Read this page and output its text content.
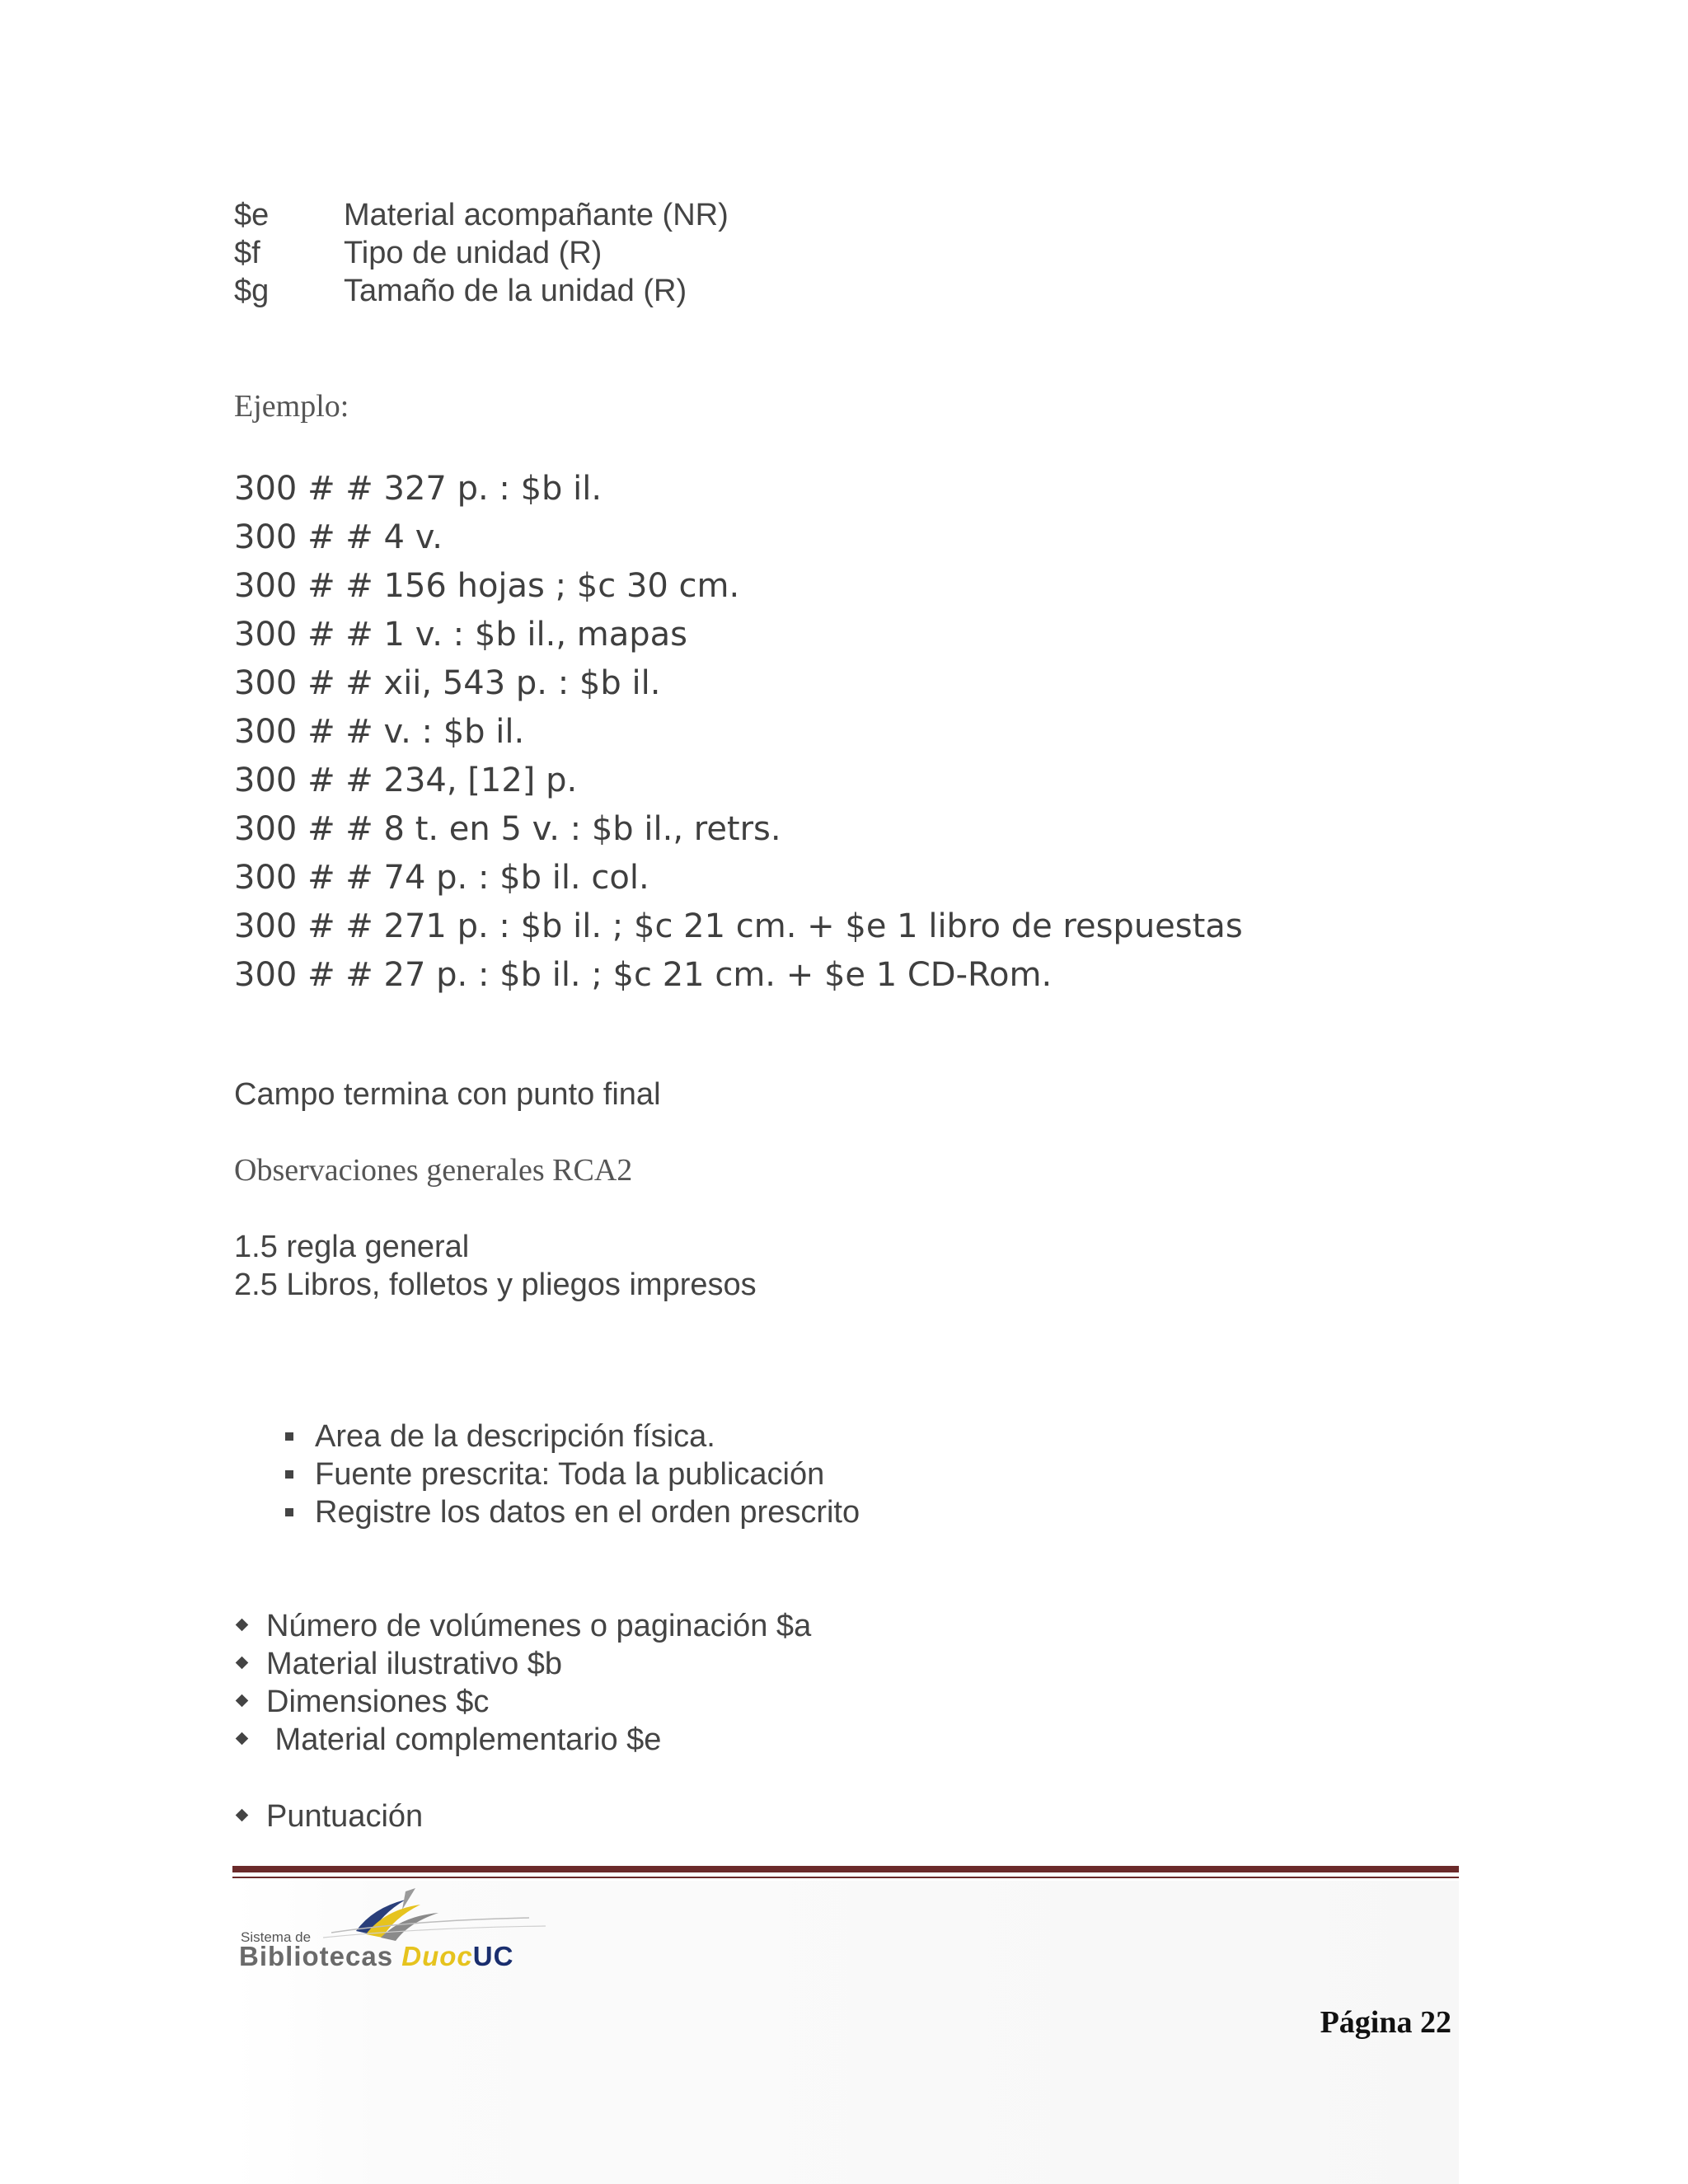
$e Material acompañante (NR)
$f	Tipo de unidad (R)
$g Tamaño de la unidad (R)
Ejemplo:
300 # # 327 p. : $b il.
300 # # 4 v.
300 # # 156 hojas ; $c 30 cm.
300 # # 1 v. : $b il., mapas
300 # # xii, 543 p. : $b il.
300 # # v. : $b il.
300 # # 234, [12] p.
300 # # 8 t. en 5 v. : $b il., retrs.
300 # # 74 p. : $b il. col.
300 # # 271 p. : $b il. ; $c 21 cm. + $e 1 libro de respuestas
300 # # 27 p. : $b il. ; $c 21 cm. + $e 1 CD-Rom.
Campo termina con punto final
Observaciones generales RCA2
1.5 regla general
2.5 Libros, folletos y pliegos impresos
Area de la descripción física.
Fuente prescrita: Toda la publicación
Registre los datos en el orden prescrito
Número de volúmenes o paginación $a
Material ilustrativo $b
Dimensiones $c
Material complementario $e
Puntuación
Sistema de
Bibliotecas DuocUC
Página 22
